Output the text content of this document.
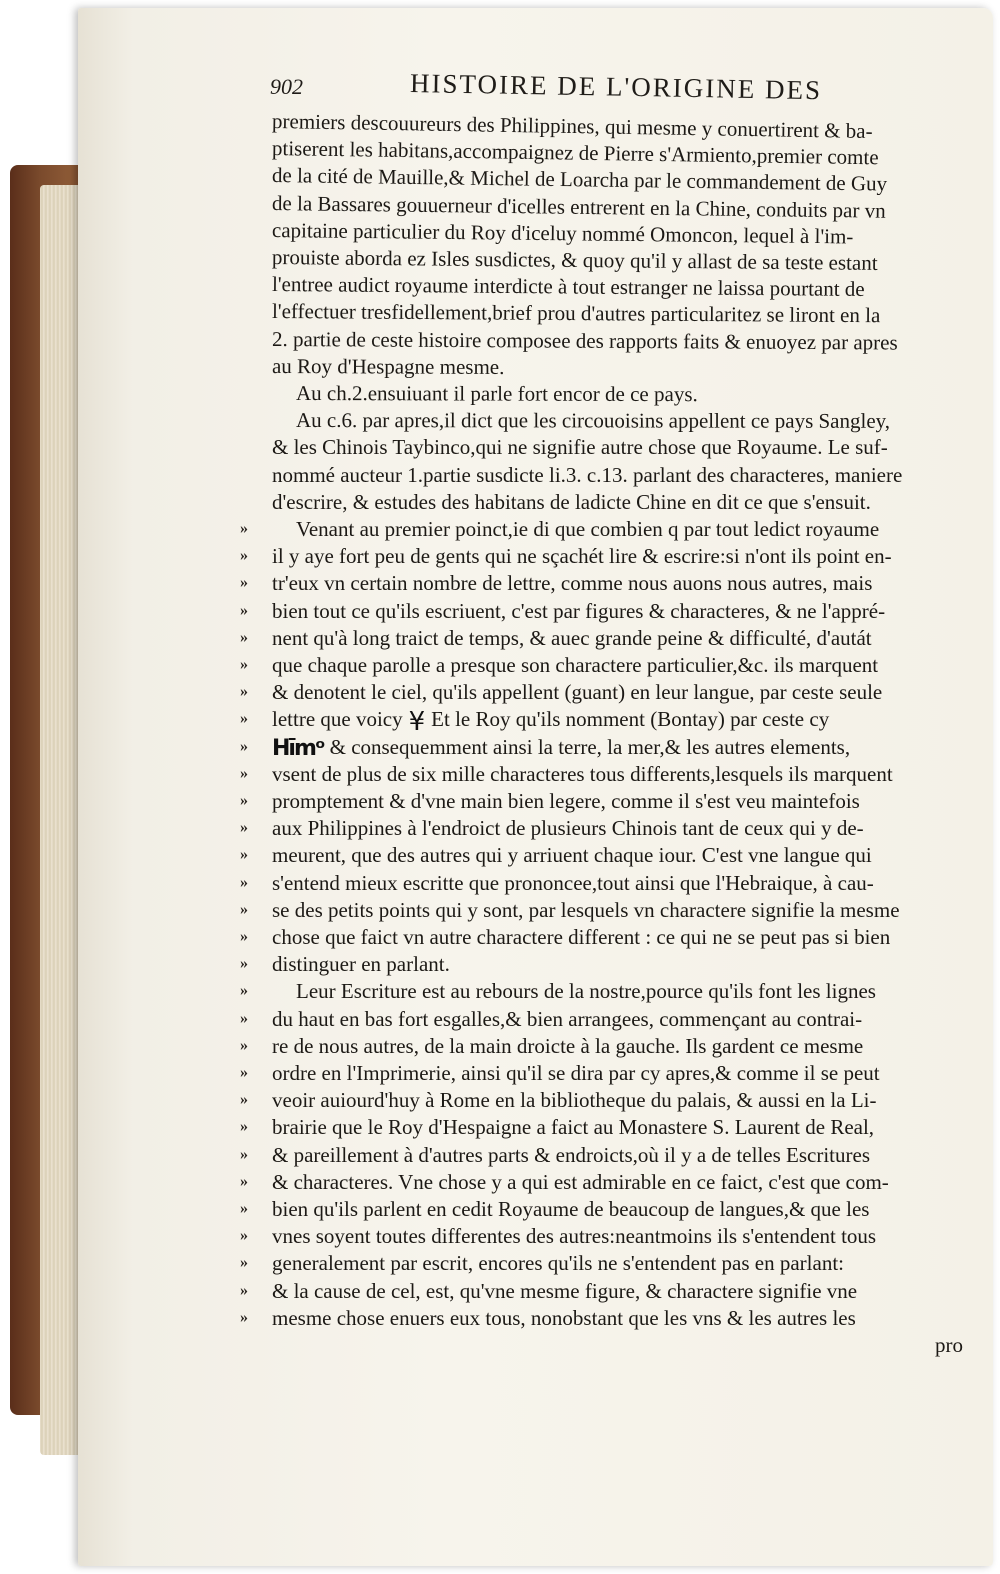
902	HISTOIRE DE L'ORIGINE DES
premiers descouureurs des Philippines, qui mesme y conuertirent & ba-
ptiserent les habitans,accompaignez de Pierre s'Armiento,premier comte
de la cité de Mauille,& Michel de Loarcha par le commandement de Guy
de la Bassares gouuerneur d'icelles entrerent en la Chine, conduits par vn
capitaine particulier du Roy d'iceluy nommé Omoncon, lequel à l'im-
prouiste aborda ez Isles susdictes, & quoy qu'il y allast de sa teste estant
l'entree audict royaume interdicte à tout estranger ne laissa pourtant de
l'effectuer tresfidellement,brief prou d'autres particularitez se liront en la
2. partie de ceste histoire composee des rapports faits & enuoyez par apres
au Roy d'Hespagne mesme.
Au ch.2.ensuiuant il parle fort encor de ce pays.
Au c.6. par apres,il dict que les circouoisins appellent ce pays Sangley,
& les Chinois Taybinco,qui ne signifie autre chose que Royaume. Le suf-
nommé aucteur 1.partie susdicte li.3. c.13. parlant des characteres, maniere
d'escrire, & estudes des habitans de ladicte Chine en dit ce que s'ensuit.
» Venant au premier poinct,ie di que combien q par tout ledict royaume
» il y aye fort peu de gents qui ne sçachét lire & escrire:si n'ont ils point en-
» tr'eux vn certain nombre de lettre, comme nous auons nous autres, mais
» bien tout ce qu'ils escriuent, c'est par figures & characteres, & ne l'appré-
» nent qu'à long traict de temps, & auec grande peine & difficulté, d'autát
» que chaque parolle a presque son charactere particulier,&c. ils marquent
» & denotent le ciel, qu'ils appellent (guant) en leur langue, par ceste seule
» lettre que voicy ¥ Et le Roy qu'ils nomment (Bontay) par ceste cy
» Hīmᵒ & consequemment ainsi la terre, la mer,& les autres elements,
» vsent de plus de six mille characteres tous differents,lesquels ils marquent
» promptement & d'vne main bien legere, comme il s'est veu maintefois
» aux Philippines à l'endroict de plusieurs Chinois tant de ceux qui y de-
» meurent, que des autres qui y arriuent chaque iour. C'est vne langue qui
» s'entend mieux escritte que prononcee,tout ainsi que l'Hebraique, à cau-
» se des petits points qui y sont, par lesquels vn charactere signifie la mesme
» chose que faict vn autre charactere different : ce qui ne se peut pas si bien
» distinguer en parlant.
» Leur Escriture est au rebours de la nostre,pource qu'ils font les lignes
» du haut en bas fort esgalles,& bien arrangees, commençant au contrai-
» re de nous autres, de la main droicte à la gauche. Ils gardent ce mesme
» ordre en l'Imprimerie, ainsi qu'il se dira par cy apres,& comme il se peut
» veoir auiourd'huy à Rome en la bibliotheque du palais, & aussi en la Li-
» brairie que le Roy d'Hespaigne a faict au Monastere S. Laurent de Real,
» & pareillement à d'autres parts & endroicts,où il y a de telles Escritures
» & characteres. Vne chose y a qui est admirable en ce faict, c'est que com-
» bien qu'ils parlent en cedit Royaume de beaucoup de langues,& que les
» vnes soyent toutes differentes des autres:neantmoins ils s'entendent tous
» generalement par escrit, encores qu'ils ne s'entendent pas en parlant:
» & la cause de cel, est, qu'vne mesme figure, & charactere signifie vne
» mesme chose enuers eux tous, nonobstant que les vns & les autres les
pro
